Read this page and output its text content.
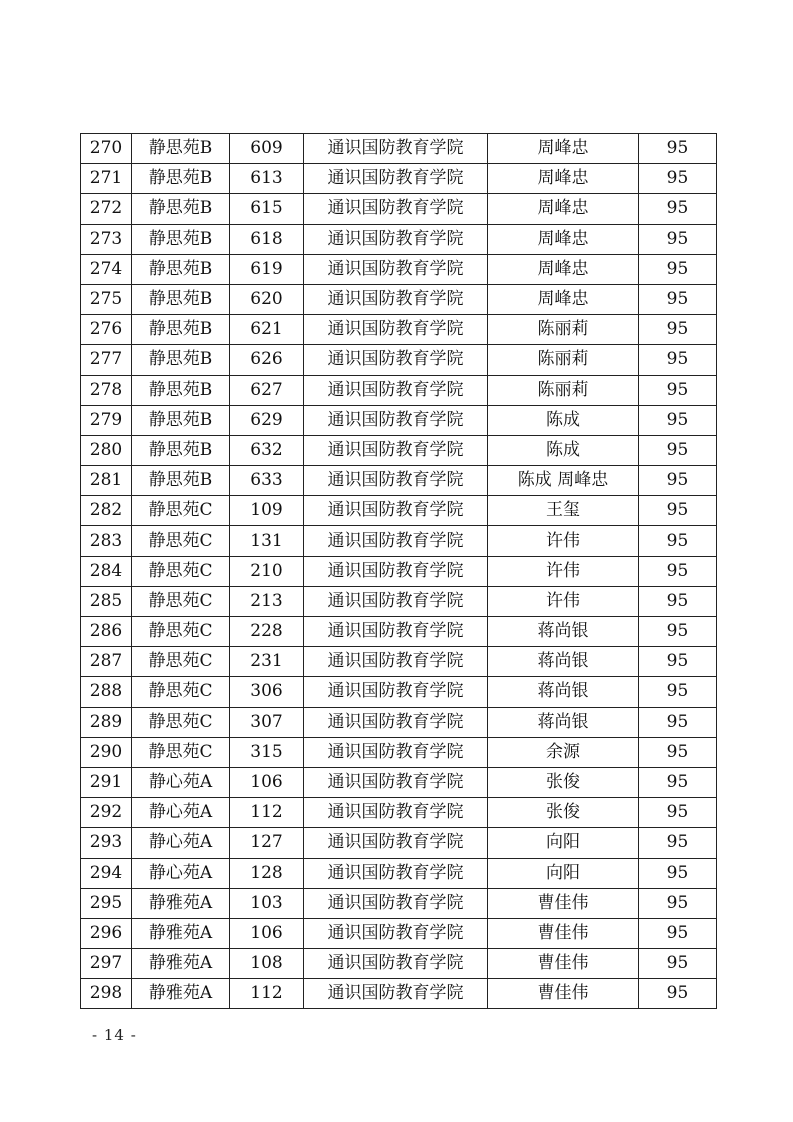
270	静思苑B	609	通识国防教育学院	周峰忠	95
271	静思苑B	613	通识国防教育学院	周峰忠	95
272	静思苑B	615	通识国防教育学院	周峰忠	95
273	静思苑B	618	通识国防教育学院	周峰忠	95
274	静思苑B	619	通识国防教育学院	周峰忠	95
275	静思苑B	620	通识国防教育学院	周峰忠	95
276	静思苑B	621	通识国防教育学院	陈丽莉	95
277	静思苑B	626	通识国防教育学院	陈丽莉	95
278	静思苑B	627	通识国防教育学院	陈丽莉	95
279	静思苑B	629	通识国防教育学院	陈成	95
280	静思苑B	632	通识国防教育学院	陈成	95
281	静思苑B	633	通识国防教育学院	陈成 周峰忠	95
282	静思苑C	109	通识国防教育学院	王玺	95
283	静思苑C	131	通识国防教育学院	许伟	95
284	静思苑C	210	通识国防教育学院	许伟	95
285	静思苑C	213	通识国防教育学院	许伟	95
286	静思苑C	228	通识国防教育学院	蒋尚银	95
287	静思苑C	231	通识国防教育学院	蒋尚银	95
288	静思苑C	306	通识国防教育学院	蒋尚银	95
289	静思苑C	307	通识国防教育学院	蒋尚银	95
290	静思苑C	315	通识国防教育学院	余源	95
291	静心苑A	106	通识国防教育学院	张俊	95
292	静心苑A	112	通识国防教育学院	张俊	95
293	静心苑A	127	通识国防教育学院	向阳	95
294	静心苑A	128	通识国防教育学院	向阳	95
295	静雅苑A	103	通识国防教育学院	曹佳伟	95
296	静雅苑A	106	通识国防教育学院	曹佳伟	95
297	静雅苑A	108	通识国防教育学院	曹佳伟	95
298	静雅苑A	112	通识国防教育学院	曹佳伟	95
- 14 -
